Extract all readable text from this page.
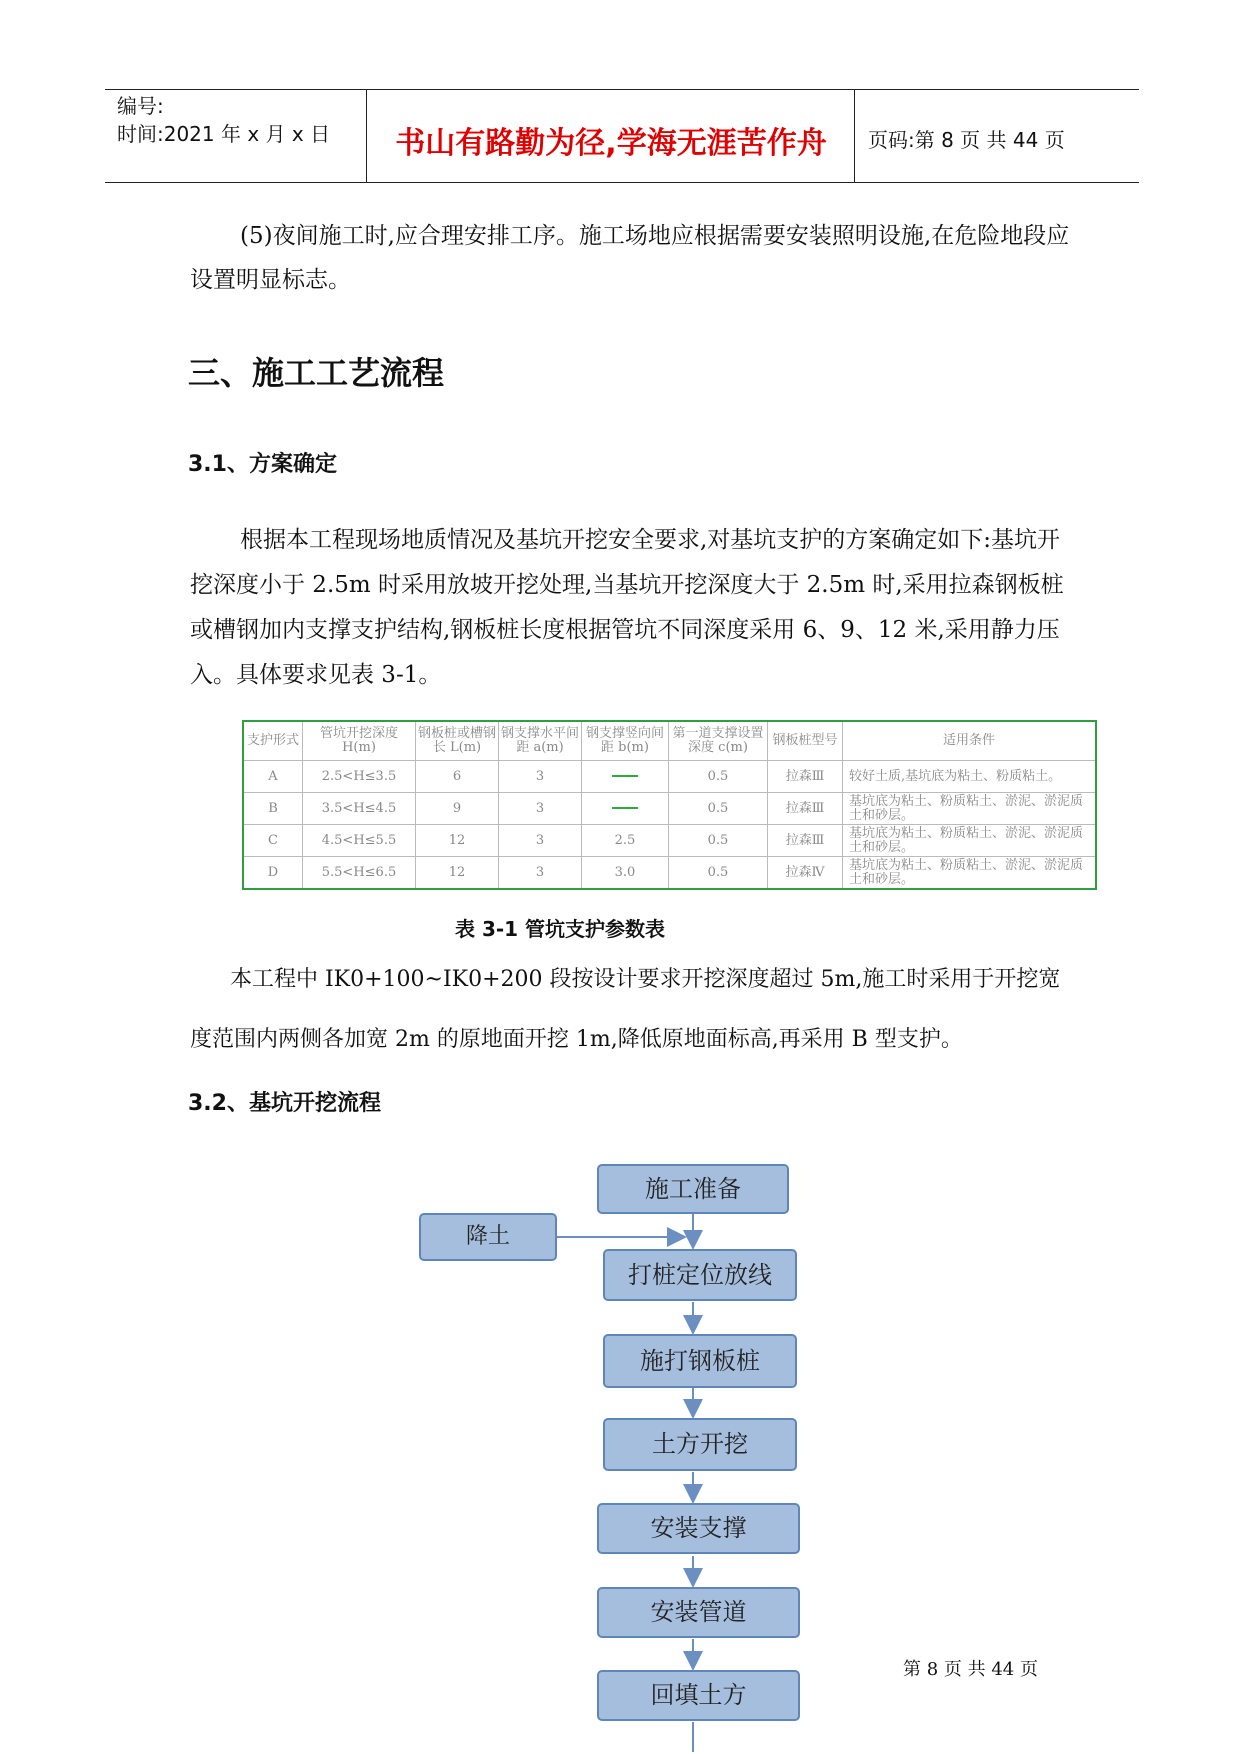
编号:
时间:2021 年 x 月 x 日	书山有路勤为径,学海无涯苦作舟	页码:第 8 页 共 44 页
(5)夜间施工时,应合理安排工序。施工场地应根据需要安装照明设施,在危险地段应设置明显标志。
三、施工工艺流程
3.1、方案确定
根据本工程现场地质情况及基坑开挖安全要求,对基坑支护的方案确定如下:基坑开挖深度小于 2.5m 时采用放坡开挖处理,当基坑开挖深度大于 2.5m 时,采用拉森钢板桩或槽钢加内支撑支护结构,钢板桩长度根据管坑不同深度采用 6、9、12 米,采用静力压入。具体要求见表 3-1。
支护形式	管坑开挖深度 H(m)	钢板桩或槽钢长 L(m)	钢支撑水平间距 a(m)	钢支撑竖向间距 b(m)	第一道支撑设置深度 c(m)	钢板桩型号	适用条件
A	2.5<H≤3.5	6	3		0.5	拉森Ⅲ	较好土质,基坑底为粘土、粉质粘土。
B	3.5<H≤4.5	9	3		0.5	拉森Ⅲ	基坑底为粘土、粉质粘土、淤泥、淤泥质土和砂层。
C	4.5<H≤5.5	12	3	2.5	0.5	拉森Ⅲ	基坑底为粘土、粉质粘土、淤泥、淤泥质土和砂层。
D	5.5<H≤6.5	12	3	3.0	0.5	拉森Ⅳ	基坑底为粘土、粉质粘土、淤泥、淤泥质土和砂层。
表 3-1 管坑支护参数表
本工程中 IK0+100~IK0+200 段按设计要求开挖深度超过 5m,施工时采用于开挖宽度范围内两侧各加宽 2m 的原地面开挖 1m,降低原地面标高,再采用 B 型支护。
3.2、基坑开挖流程
施工准备
降土
打桩定位放线
施打钢板桩
土方开挖
安装支撑
安装管道
回填土方
第 8 页 共 44 页
